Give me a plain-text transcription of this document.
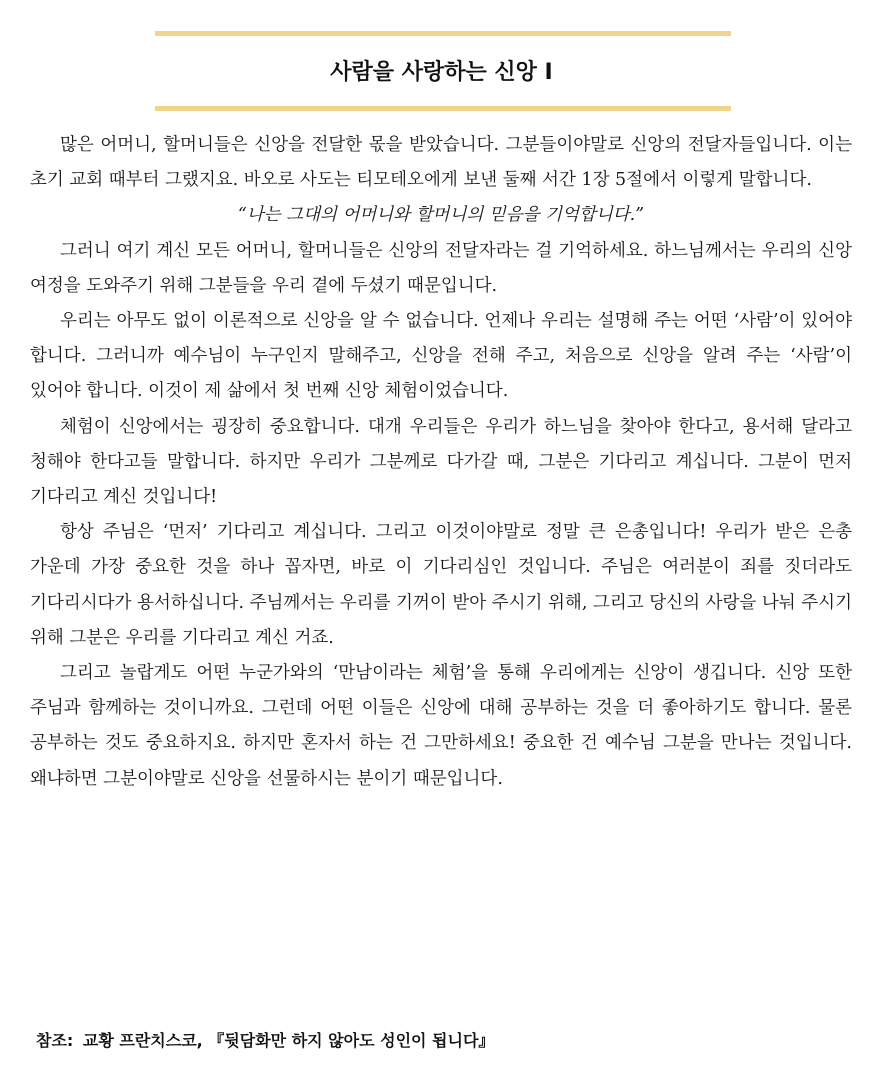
사람을 사랑하는 신앙 I

많은 어머니, 할머니들은 신앙을 전달한 몫을 받았습니다. 그분들이야말로 신앙의 전달자들입니다. 이는 초기 교회 때부터 그랬지요. 바오로 사도는 티모테오에게 보낸 둘째 서간 1장 5절에서 이렇게 말합니다.

“나는 그대의 어머니와 할머니의 믿음을 기억합니다.”

그러니 여기 계신 모든 어머니, 할머니들은 신앙의 전달자라는 걸 기억하세요. 하느님께서는 우리의 신앙 여정을 도와주기 위해 그분들을 우리 곁에 두셨기 때문입니다.

우리는 아무도 없이 이론적으로 신앙을 알 수 없습니다. 언제나 우리는 설명해 주는 어떤 ‘사람’이 있어야 합니다. 그러니까 예수님이 누구인지 말해주고, 신앙을 전해 주고, 처음으로 신앙을 알려 주는 ‘사람’이 있어야 합니다. 이것이 제 삶에서 첫 번째 신앙 체험이었습니다.

체험이 신앙에서는 굉장히 중요합니다. 대개 우리들은 우리가 하느님을 찾아야 한다고, 용서해 달라고 청해야 한다고들 말합니다. 하지만 우리가 그분께로 다가갈 때, 그분은 기다리고 계십니다. 그분이 먼저 기다리고 계신 것입니다!

항상 주님은 ‘먼저’ 기다리고 계십니다. 그리고 이것이야말로 정말 큰 은총입니다! 우리가 받은 은총 가운데 가장 중요한 것을 하나 꼽자면, 바로 이 기다리심인 것입니다. 주님은 여러분이 죄를 짓더라도 기다리시다가 용서하십니다. 주님께서는 우리를 기꺼이 받아 주시기 위해, 그리고 당신의 사랑을 나눠 주시기 위해 그분은 우리를 기다리고 계신 거죠.

그리고 놀랍게도 어떤 누군가와의 ‘만남이라는 체험’을 통해 우리에게는 신앙이 생깁니다. 신앙 또한 주님과 함께하는 것이니까요. 그런데 어떤 이들은 신앙에 대해 공부하는 것을 더 좋아하기도 합니다. 물론 공부하는 것도 중요하지요. 하지만 혼자서 하는 건 그만하세요! 중요한 건 예수님 그분을 만나는 것입니다. 왜냐하면 그분이야말로 신앙을 선물하시는 분이기 때문입니다.

참조: 교황 프란치스코, 『뒷담화만 하지 않아도 성인이 됩니다』
